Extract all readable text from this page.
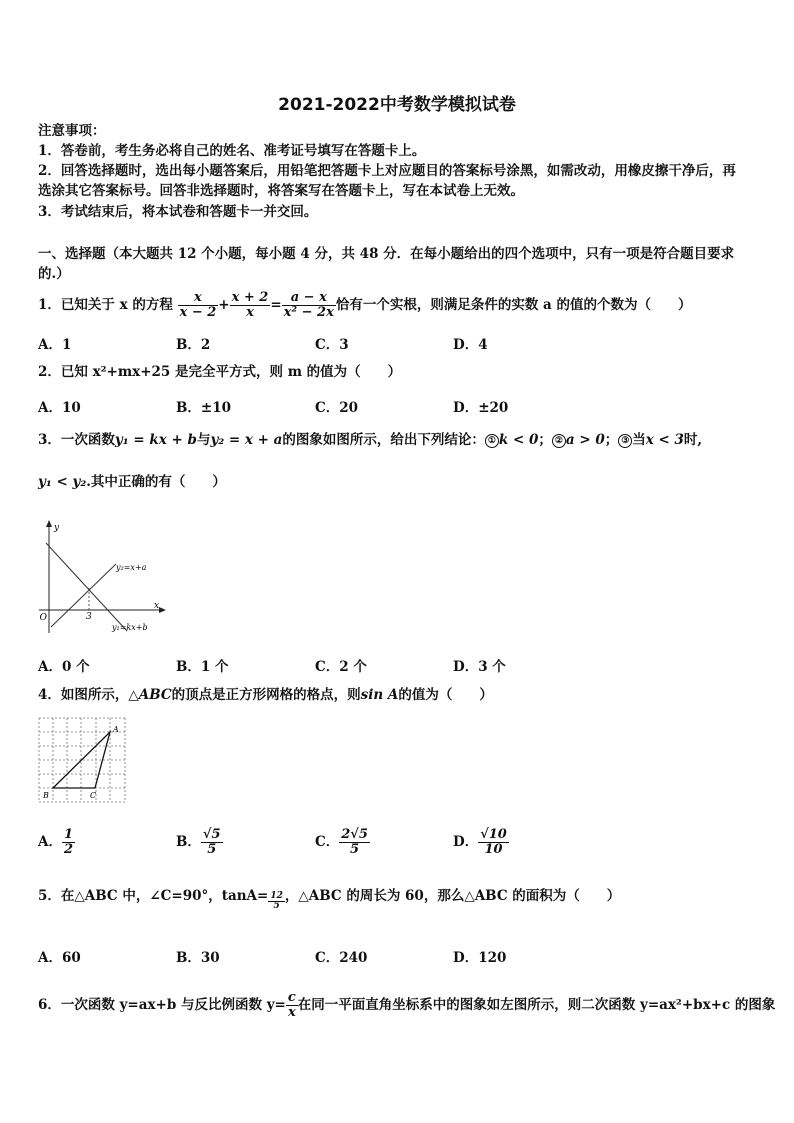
2021-2022中考数学模拟试卷
注意事项：
1．答卷前，考生务必将自己的姓名、准考证号填写在答题卡上。
2．回答选择题时，选出每小题答案后，用铅笔把答题卡上对应题目的答案标号涂黑，如需改动，用橡皮擦干净后，再
选涂其它答案标号。回答非选择题时，将答案写在答题卡上，写在本试卷上无效。
3．考试结束后，将本试卷和答题卡一并交回。
一、选择题（本大题共 12 个小题，每小题 4 分，共 48 分．在每小题给出的四个选项中，只有一项是符合题目要求
的.）
1．已知关于 x 的方程 $\frac{x}{x - 2} + \frac{x + 2}{x} = \frac{a - x}{\text{x² − 2x}}$ 恰有一个实根，则满足条件的实数 a 的值的个数为（　　）
A．1	B．2	C．3	D．4
2．已知 x²+mx+25 是完全平方式，则 m 的值为（　　）
A．10	B．±10	C．20	D．±20
3．一次函数y₁ = kx + b与y₂ = x + a的图象如图所示，给出下列结论： ① k < 0； ② a > 0； ③ 当x < 3时,
y₁ < y₂.其中正确的有（　　）
y
x
O	3
y₂=x+a
y₁=kx+b
A．0 个	B．1 个	C．2 个	D．3 个
4．如图所示，△ABC的顶点是正方形网格的格点，则sin A的值为（　　）
A
B	C
A． $\frac{1}{2}$	B． $\frac{√5}{5}$	C． $\frac{2√5}{5}$	D． $\frac{√10}{10}$
5．在△ABC 中，∠C=90°，$\tan A= \frac{12}{5}$ ，△ABC 的周长为 60，那么△ABC 的面积为（　　）
A．60	B．30	C．240	D．120
6．一次函数 y=ax+b 与反比例函数 $y= \frac{c}{x}$ 在同一平面直角坐标系中的图象如左图所示，则二次函数 y=ax²+bx+c 的图象
